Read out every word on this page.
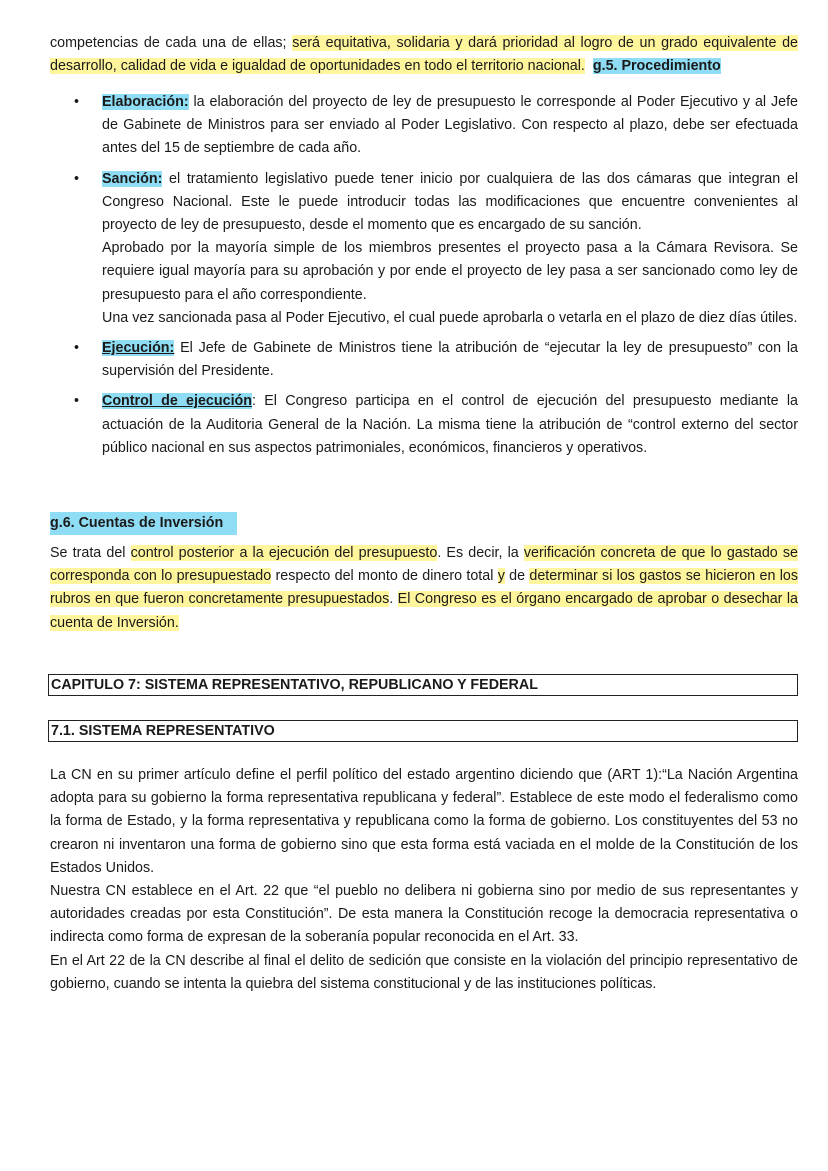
competencias de cada una de ellas; será equitativa, solidaria y dará prioridad al logro de un grado equivalente de desarrollo, calidad de vida e igualdad de oportunidades en todo el territorio nacional. g.5. Procedimiento

• Elaboración: la elaboración del proyecto de ley de presupuesto le corresponde al Poder Ejecutivo y al Jefe de Gabinete de Ministros para ser enviado al Poder Legislativo. Con respecto al plazo, debe ser efectuada antes del 15 de septiembre de cada año.

• Sanción: el tratamiento legislativo puede tener inicio por cualquiera de las dos cámaras que integran el Congreso Nacional. Este le puede introducir todas las modificaciones que encuentre convenientes al proyecto de ley de presupuesto, desde el momento que es encargado de su sanción.

Aprobado por la mayoría simple de los miembros presentes el proyecto pasa a la Cámara Revisora. Se requiere igual mayoría para su aprobación y por ende el proyecto de ley pasa a ser sancionado como ley de presupuesto para el año correspondiente.

Una vez sancionada pasa al Poder Ejecutivo, el cual puede aprobarla o vetarla en el plazo de diez días útiles.

• Ejecución: El Jefe de Gabinete de Ministros tiene la atribución de “ejecutar la ley de presupuesto” con la supervisión del Presidente.

• Control de ejecución: El Congreso participa en el control de ejecución del presupuesto mediante la actuación de la Auditoria General de la Nación. La misma tiene la atribución de “control externo del sector público nacional en sus aspectos patrimoniales, económicos, financieros y operativos.

g.6. Cuentas de Inversión

Se trata del control posterior a la ejecución del presupuesto. Es decir, la verificación concreta de que lo gastado se corresponda con lo presupuestado respecto del monto de dinero total y de determinar si los gastos se hicieron en los rubros en que fueron concretamente presupuestados. El Congreso es el órgano encargado de aprobar o desechar la cuenta de Inversión.

CAPITULO 7: SISTEMA REPRESENTATIVO, REPUBLICANO Y FEDERAL
7.1. SISTEMA REPRESENTATIVO

La CN en su primer artículo define el perfil político del estado argentino diciendo que (ART 1):“La Nación Argentina adopta para su gobierno la forma representativa republicana y federal”. Establece de este modo el federalismo como la forma de Estado, y la forma representativa y republicana como la forma de gobierno. Los constituyentes del 53 no crearon ni inventaron una forma de gobierno sino que esta forma está vaciada en el molde de la Constitución de los Estados Unidos.

Nuestra CN establece en el Art. 22 que “el pueblo no delibera ni gobierna sino por medio de sus representantes y autoridades creadas por esta Constitución”. De esta manera la Constitución recoge la democracia representativa o indirecta como forma de expresan de la soberanía popular reconocida en el Art. 33.

En el Art 22 de la CN describe al final el delito de sedición que consiste en la violación del principio representativo de gobierno, cuando se intenta la quiebra del sistema constitucional y de las instituciones políticas.
